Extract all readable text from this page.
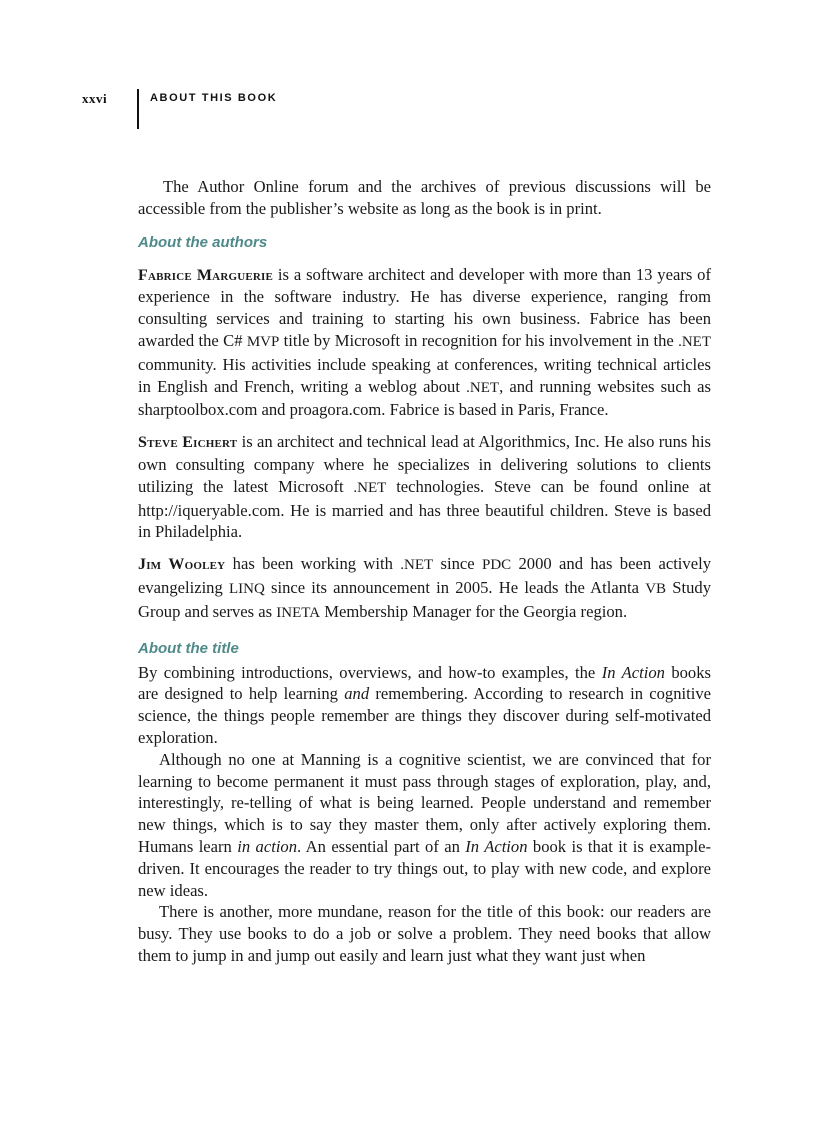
xxvi	ABOUT THIS BOOK

The Author Online forum and the archives of previous discussions will be accessible from the publisher’s website as long as the book is in print.

About the authors

Fabrice Marguerie is a software architect and developer with more than 13 years of experience in the software industry. He has diverse experience, ranging from consulting services and training to starting his own business. Fabrice has been awarded the C# MVP title by Microsoft in recognition for his involvement in the .NET community. His activities include speaking at conferences, writing technical articles in English and French, writing a weblog about .NET, and running websites such as sharptoolbox.com and proagora.com. Fabrice is based in Paris, France.

Steve Eichert is an architect and technical lead at Algorithmics, Inc. He also runs his own consulting company where he specializes in delivering solutions to clients utilizing the latest Microsoft .NET technologies. Steve can be found online at http://iqueryable.com. He is married and has three beautiful children. Steve is based in Philadelphia.

Jim Wooley has been working with .NET since PDC 2000 and has been actively evangelizing LINQ since its announcement in 2005. He leads the Atlanta VB Study Group and serves as INETA Membership Manager for the Georgia region.

About the title

By combining introductions, overviews, and how-to examples, the In Action books are designed to help learning and remembering. According to research in cognitive science, the things people remember are things they discover during self-motivated exploration.

Although no one at Manning is a cognitive scientist, we are convinced that for learning to become permanent it must pass through stages of exploration, play, and, interestingly, re-telling of what is being learned. People understand and remember new things, which is to say they master them, only after actively exploring them. Humans learn in action. An essential part of an In Action book is that it is example-driven. It encourages the reader to try things out, to play with new code, and explore new ideas.

There is another, more mundane, reason for the title of this book: our readers are busy. They use books to do a job or solve a problem. They need books that allow them to jump in and jump out easily and learn just what they want just when
